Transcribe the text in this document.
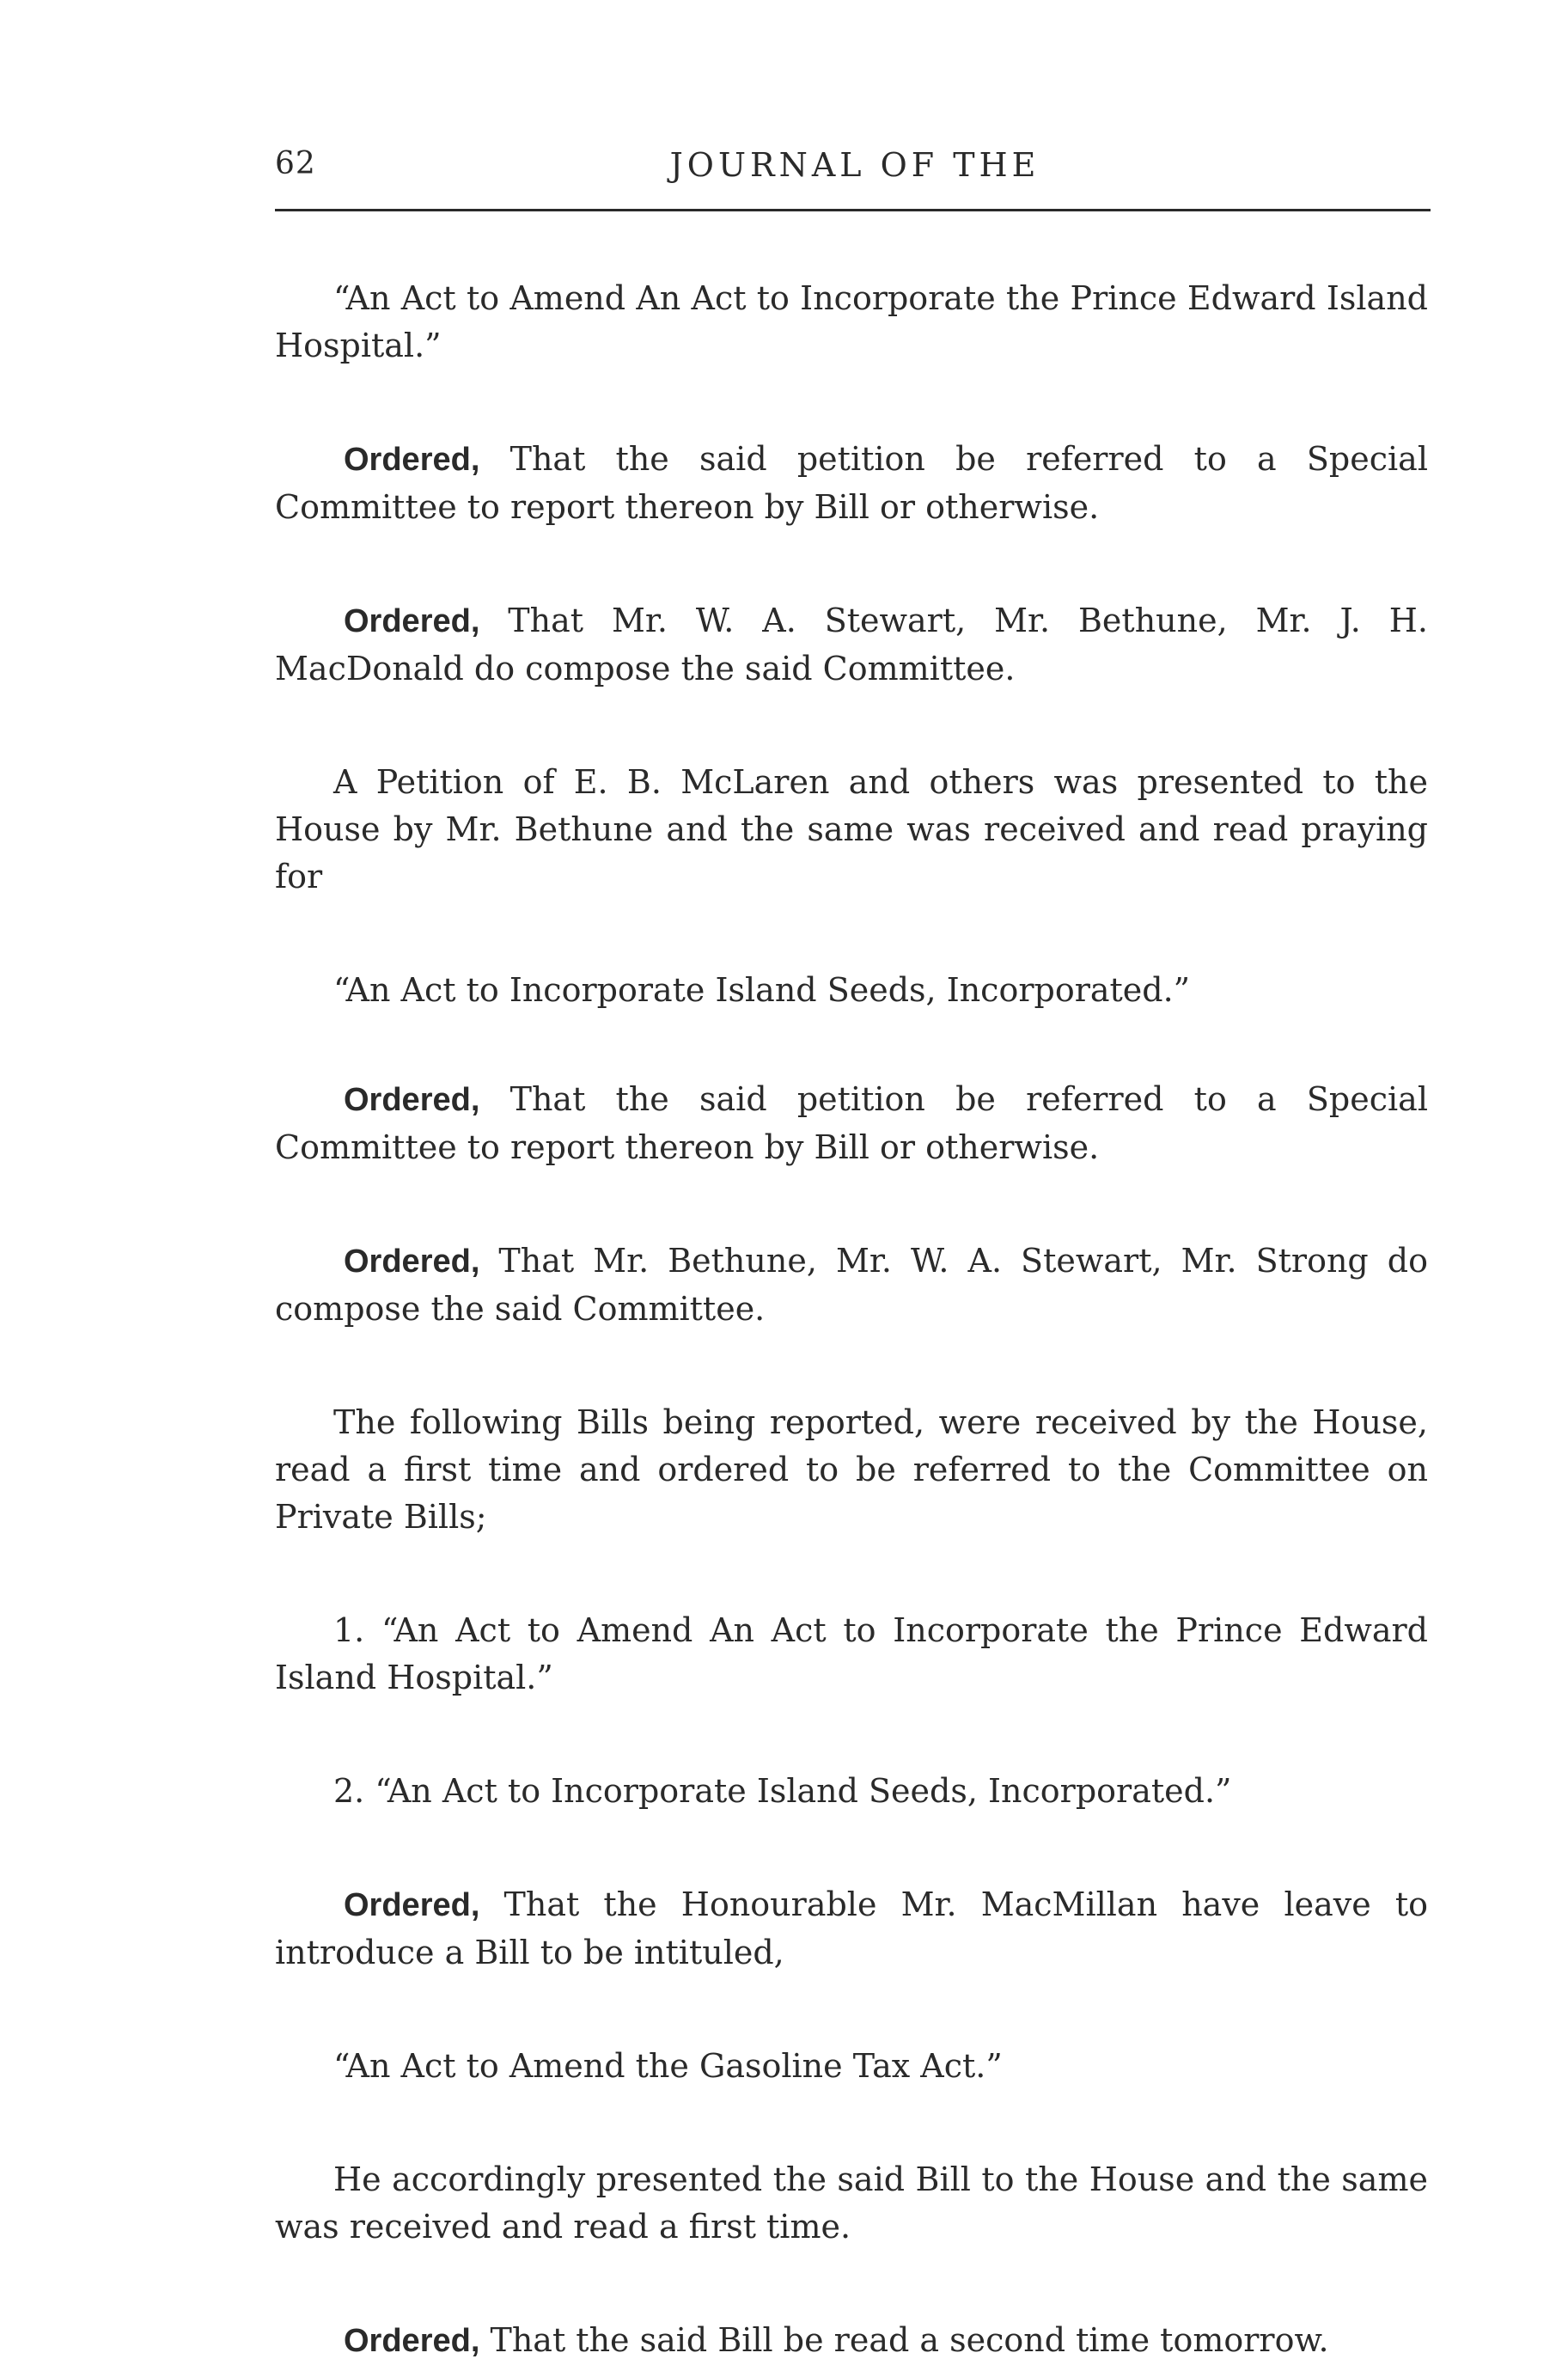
62	JOURNAL OF THE

“An Act to Amend An Act to Incorporate the Prince Edward Island Hospital.”

Ordered, That the said petition be referred to a Special Committee to report thereon by Bill or otherwise.

Ordered, That Mr. W. A. Stewart, Mr. Bethune, Mr. J. H. MacDonald do compose the said Committee.

A Petition of E. B. McLaren and others was presented to the House by Mr. Bethune and the same was received and read praying for

“An Act to Incorporate Island Seeds, Incorporated.”

Ordered, That the said petition be referred to a Special Committee to report thereon by Bill or otherwise.

Ordered, That Mr. Bethune, Mr. W. A. Stewart, Mr. Strong do compose the said Committee.

The following Bills being reported, were received by the House, read a first time and ordered to be referred to the Committee on Private Bills;

1. “An Act to Amend An Act to Incorporate the Prince Edward Island Hospital.”

2. “An Act to Incorporate Island Seeds, Incorporated.”

Ordered, That the Honourable Mr. MacMillan have leave to introduce a Bill to be intituled,

“An Act to Amend the Gasoline Tax Act.”

He accordingly presented the said Bill to the House and the same was received and read a first time.

Ordered, That the said Bill be read a second time tomorrow.
